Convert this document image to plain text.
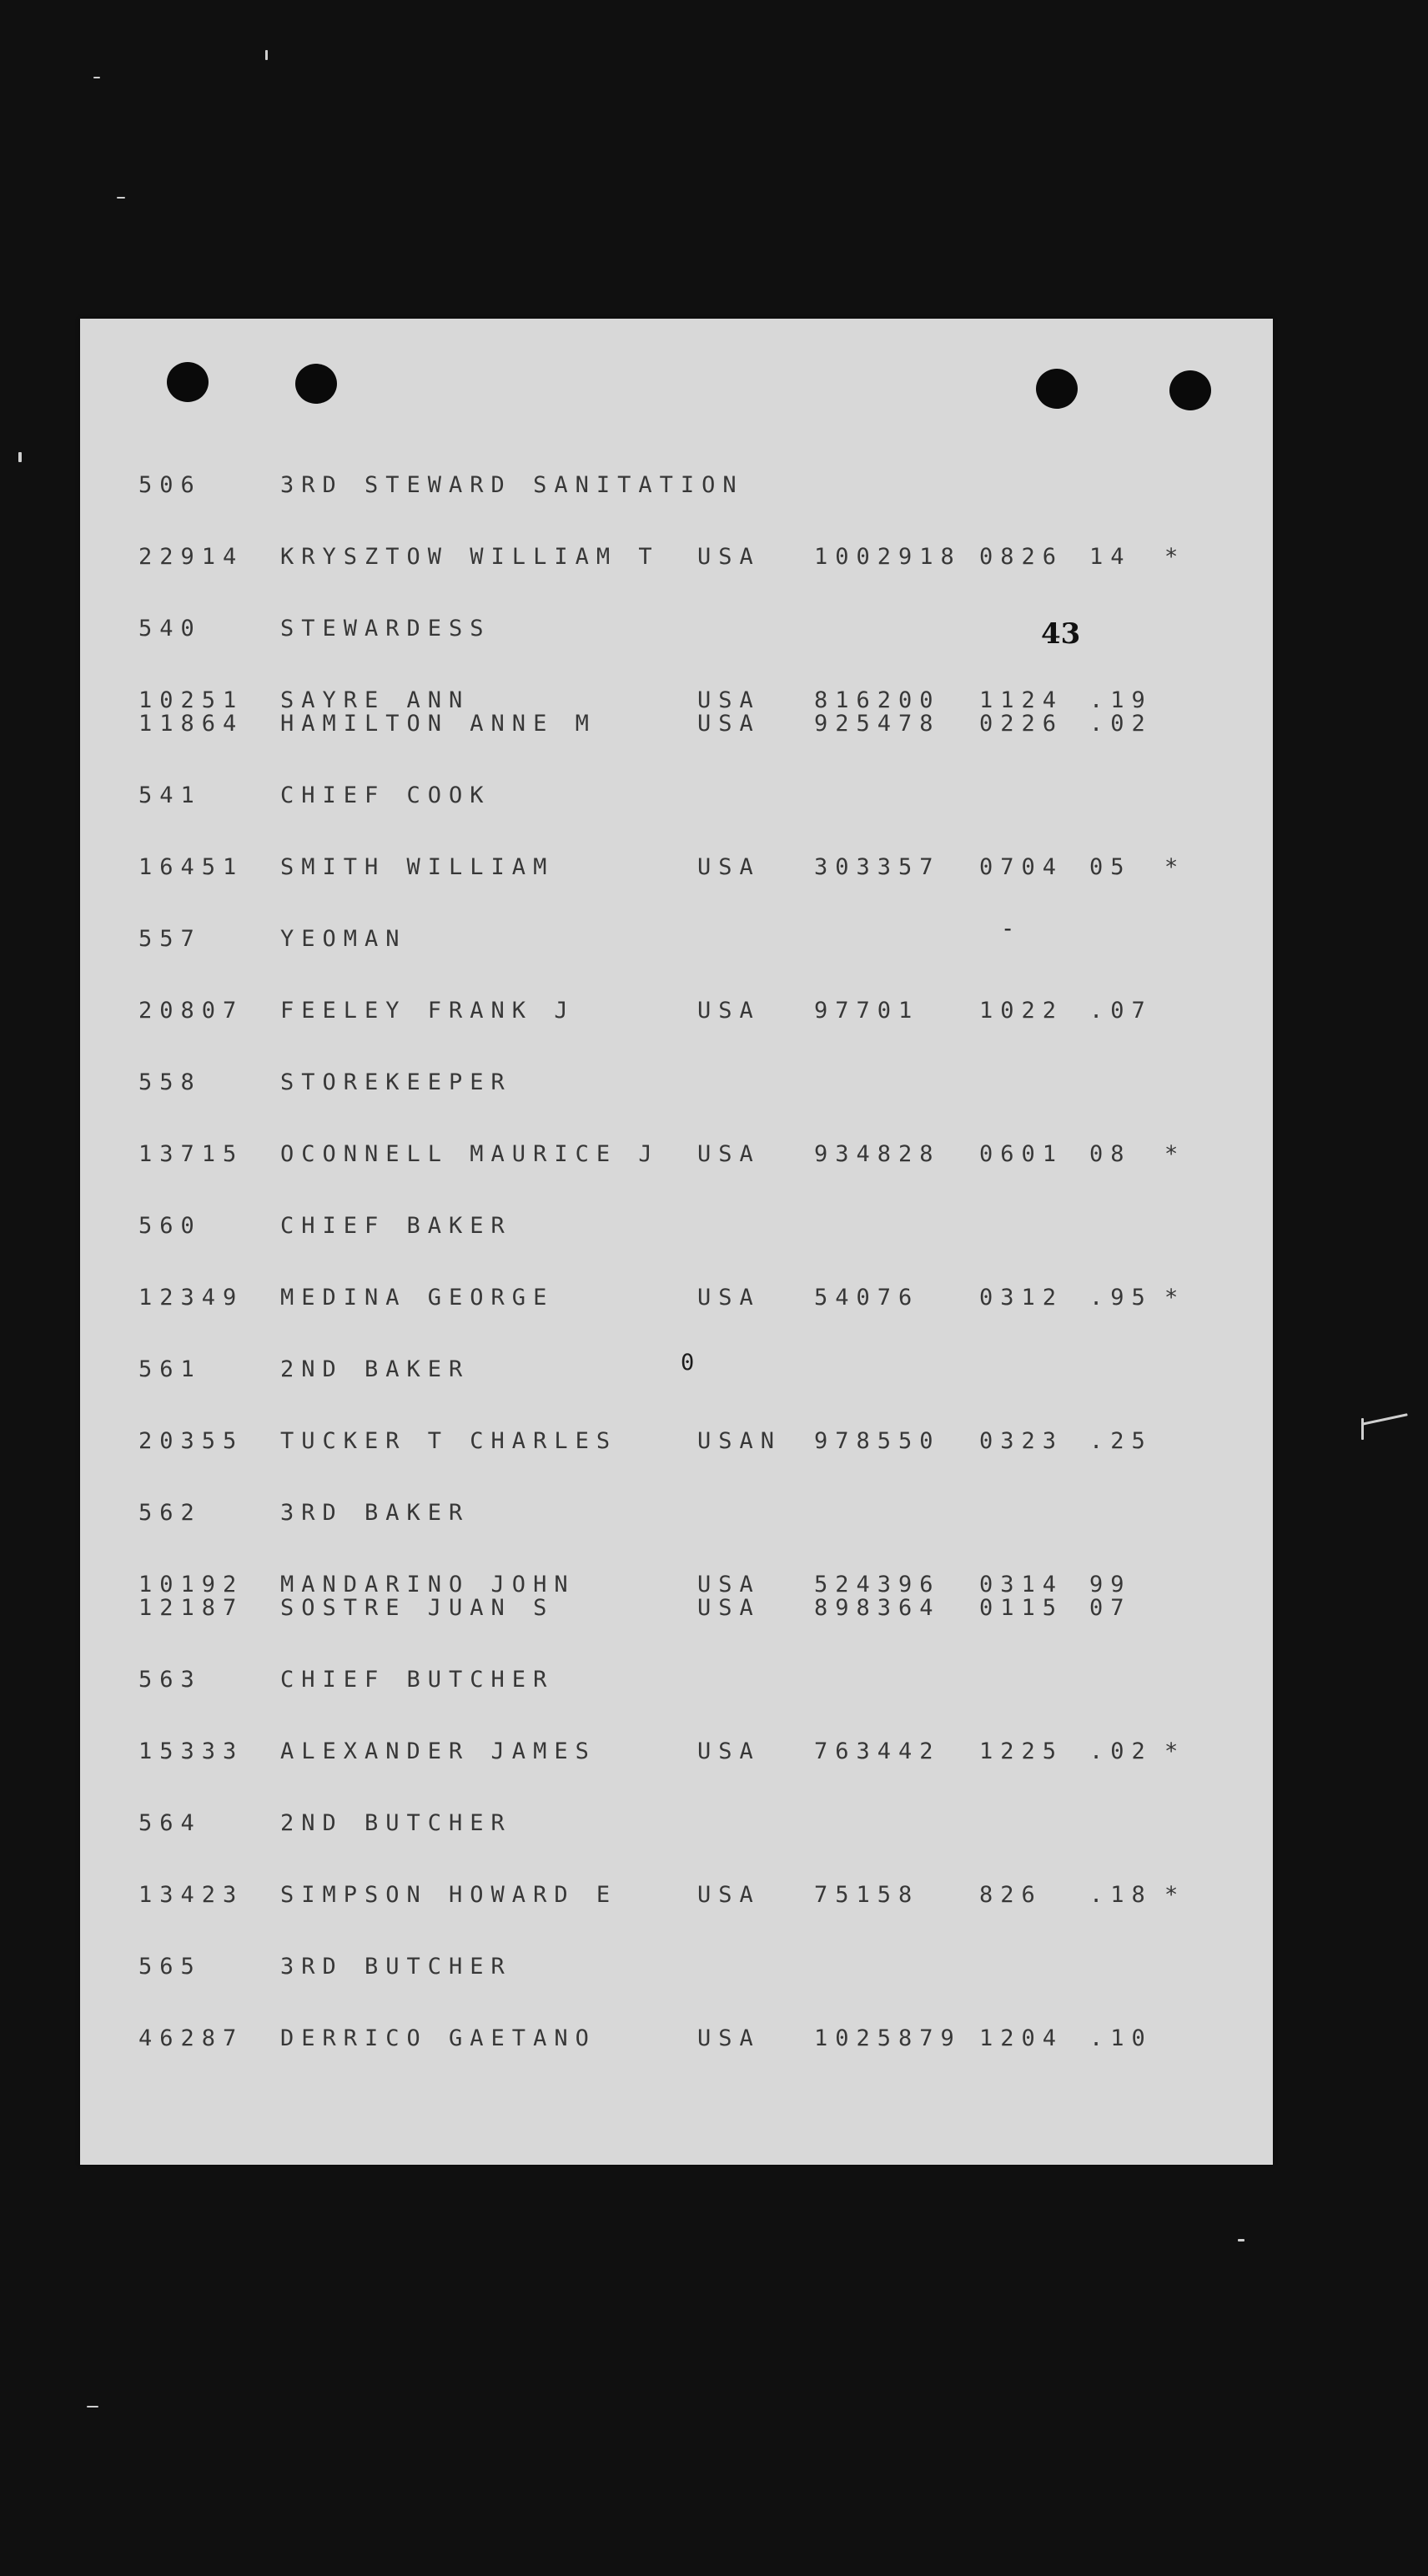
-
0
506	3RD STEWARD SANITATION
22914 KRYSZTOW WILLIAM T USA 1002918 0826 14 *
540	STEWARDESS
10251 SAYRE ANN	USA 816200 1124 .19
11864 HAMILTON ANNE M	USA 925478 0226 .02
541	CHIEF COOK
16451 SMITH WILLIAM	USA 303357 0704 05 *
557	YEOMAN
20807 FEELEY FRANK J	USA 97701	1022 .07
558	STOREKEEPER
13715 OCONNELL MAURICE J USA 934828 0601 08 *
560	CHIEF BAKER
12349 MEDINA GEORGE	USA 54076	0312 .95 *
561	2ND BAKER
20355 TUCKER T CHARLES	USAN 978550 0323 .25
562	3RD BAKER
10192 MANDARINO JOHN	USA 524396 0314 99
12187 SOSTRE JUAN S	USA 898364 0115 07
563	CHIEF BUTCHER
15333 ALEXANDER JAMES	USA 763442 1225 .02 *
564	2ND BUTCHER
13423 SIMPSON HOWARD E	USA 75158	826 .18 *
565	3RD BUTCHER
46287 DERRICO GAETANO	USA 1025879 1204 .10
43
